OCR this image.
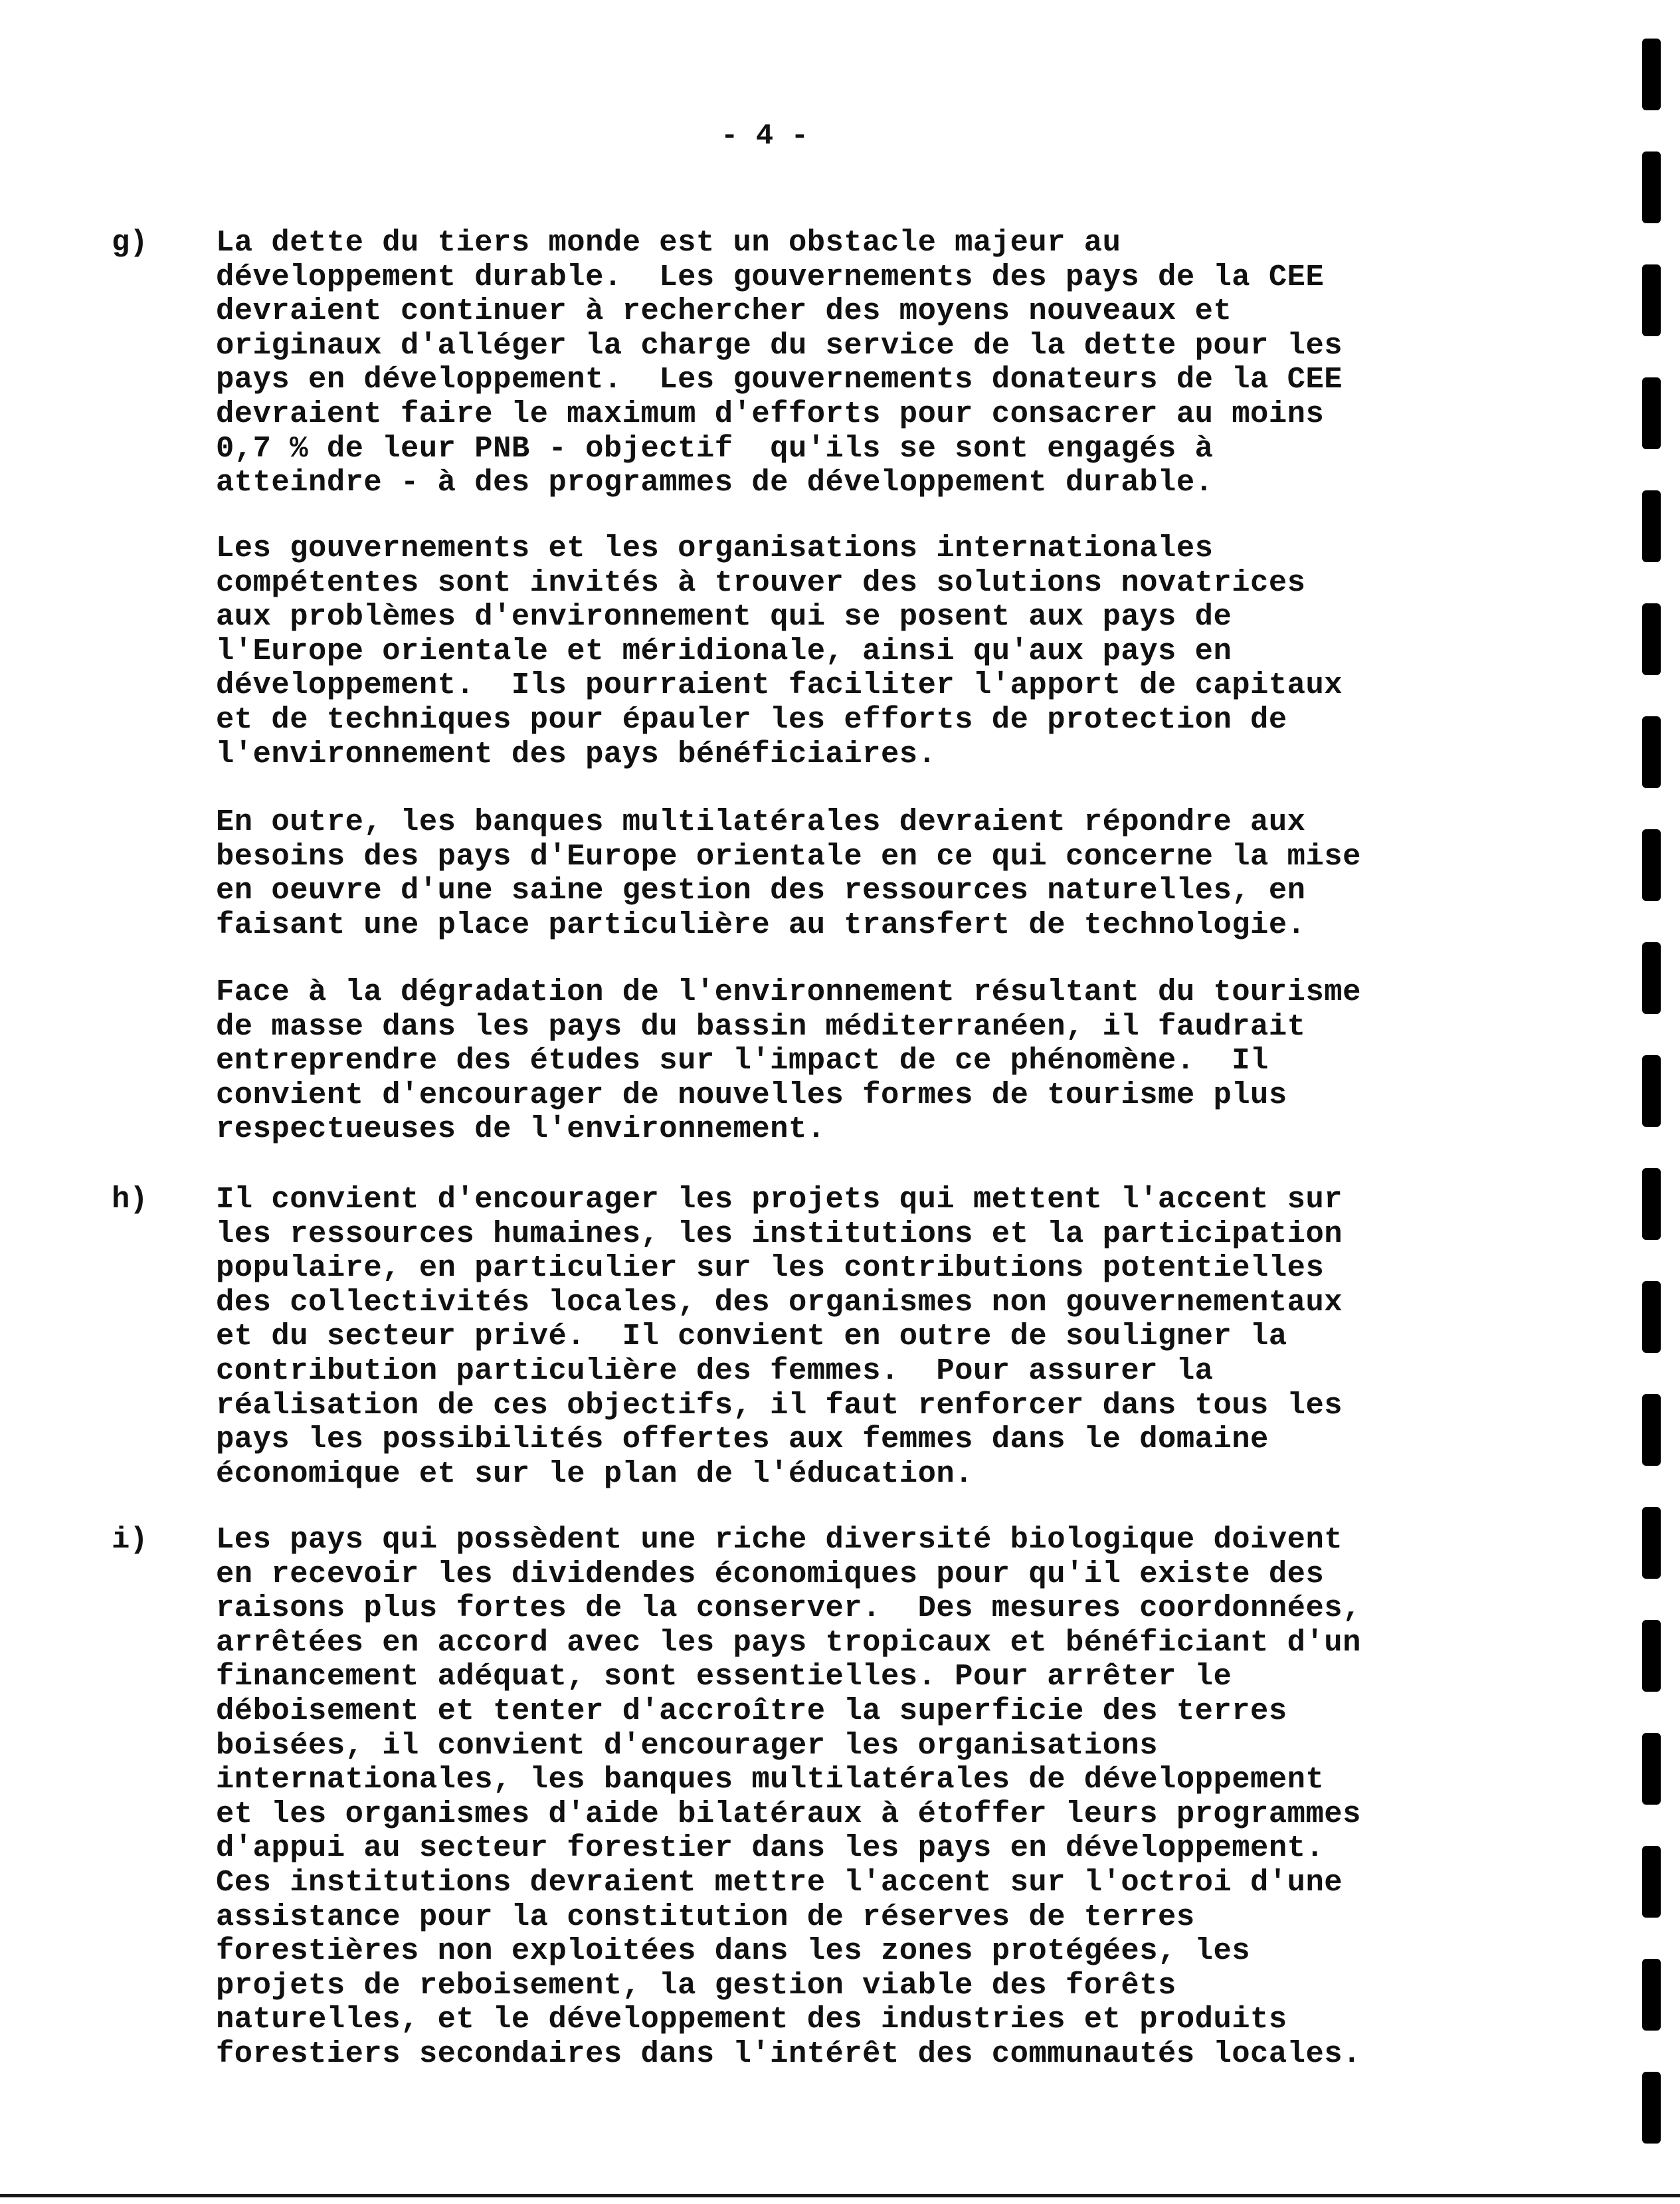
- 4 -
g) La dette du tiers monde est un obstacle majeur au
développement durable.  Les gouvernements des pays de la CEE
devraient continuer à rechercher des moyens nouveaux et
originaux d'alléger la charge du service de la dette pour les
pays en développement.  Les gouvernements donateurs de la CEE
devraient faire le maximum d'efforts pour consacrer au moins
0,7 % de leur PNB - objectif  qu'ils se sont engagés à
atteindre - à des programmes de développement durable.
Les gouvernements et les organisations internationales
compétentes sont invités à trouver des solutions novatrices
aux problèmes d'environnement qui se posent aux pays de
l'Europe orientale et méridionale, ainsi qu'aux pays en
développement.  Ils pourraient faciliter l'apport de capitaux
et de techniques pour épauler les efforts de protection de
l'environnement des pays bénéficiaires.
En outre, les banques multilatérales devraient répondre aux
besoins des pays d'Europe orientale en ce qui concerne la mise
en oeuvre d'une saine gestion des ressources naturelles, en
faisant une place particulière au transfert de technologie.
Face à la dégradation de l'environnement résultant du tourisme
de masse dans les pays du bassin méditerranéen, il faudrait
entreprendre des études sur l'impact de ce phénomène.  Il
convient d'encourager de nouvelles formes de tourisme plus
respectueuses de l'environnement.
h) Il convient d'encourager les projets qui mettent l'accent sur
les ressources humaines, les institutions et la participation
populaire, en particulier sur les contributions potentielles
des collectivités locales, des organismes non gouvernementaux
et du secteur privé.  Il convient en outre de souligner la
contribution particulière des femmes.  Pour assurer la
réalisation de ces objectifs, il faut renforcer dans tous les
pays les possibilités offertes aux femmes dans le domaine
économique et sur le plan de l'éducation.
i) Les pays qui possèdent une riche diversité biologique doivent
en recevoir les dividendes économiques pour qu'il existe des
raisons plus fortes de la conserver.  Des mesures coordonnées,
arrêtées en accord avec les pays tropicaux et bénéficiant d'un
financement adéquat, sont essentielles. Pour arrêter le
déboisement et tenter d'accroître la superficie des terres
boisées, il convient d'encourager les organisations
internationales, les banques multilatérales de développement
et les organismes d'aide bilatéraux à étoffer leurs programmes
d'appui au secteur forestier dans les pays en développement.
Ces institutions devraient mettre l'accent sur l'octroi d'une
assistance pour la constitution de réserves de terres
forestières non exploitées dans les zones protégées, les
projets de reboisement, la gestion viable des forêts
naturelles, et le développement des industries et produits
forestiers secondaires dans l'intérêt des communautés locales.
